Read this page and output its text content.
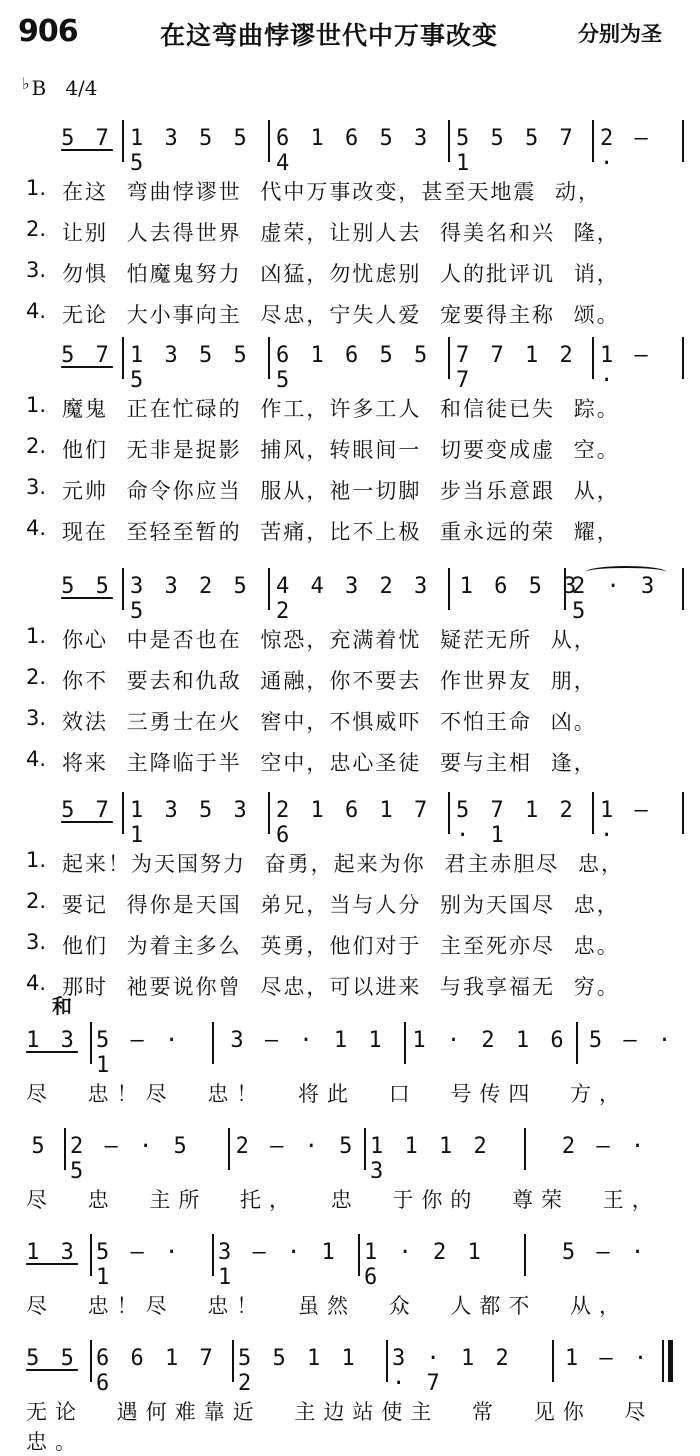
906	在这弯曲悖谬世代中万事改变	分别为圣
♭ B 4/4
5 7 1 3 5 5 5
6 1 6 5 3 4
5 5 5 7 1
2 – ·
1. 在这 弯曲悖谬世 代中万事改变，甚至天地震 动，
2. 让别 人去得世界 虚荣，让别人去 得美名和兴 隆，
3. 勿惧 怕魔鬼努力 凶猛，勿忧虑别 人的批评讥 诮，
4. 无论 大小事向主 尽忠，宁失人爱 宠要得主称 颂。
5 7 1 3 5 5 5
6 1 6 5 5 5
7 7 1 2 7
1 – ·
1. 魔鬼 正在忙碌的 作工，许多工人 和信徒已失 踪。
2. 他们 无非是捉影 捕风，转眼间一 切要变成虚 空。
3. 元帅 命令你应当 服从，祂一切脚 步当乐意跟 从，
4. 现在 至轻至暂的 苦痛，比不上极 重永远的荣 耀，
5 5 3 3 2 5 5
4 4 3 2 3 2
1 6 5 3
2 · 3 5
1. 你心 中是否也在 惊恐，充满着忧 疑茫无所 从，
2. 你不 要去和仇敌 通融，你不要去 作世界友 朋，
3. 效法 三勇士在火 窖中，不惧威吓 不怕王命 凶。
4. 将来 主降临于半 空中，忠心圣徒 要与主相 逢，
5 7 1 3 5 3 1
2 1 6 1 7 6
5 7 1 2 · 1
1 – ·
1. 起来！为天国努力 奋勇，起来为你 君主赤胆尽 忠，
2. 要记 得你是天国 弟兄，当与人分 别为天国尽 忠，
3. 他们 为着主多么 英勇，他们对于 主至死亦尽 忠。
4. 那时 祂要说你曾 尽忠，可以进来 与我享福无 穷。
和
1 3 5 – · 1
3 – · 1 1 1 · 2 1 6 5 – ·
尽 忠！尽 忠！ 将此 口 号传四 方，
5 2 – · 5 5
2 – · 5 1 1 1 2 3
2 – ·
尽 忠 主所 托， 忠 于你的 尊荣 王，
1 3 5 – · 1
3 – · 1 1
1 · 2 1 6
5 – ·
尽 忠！尽 忠！ 虽然 众 人都不 从，
5 5 6 6 1 7 6
5 5 1 1 2
3 · 1 2 · 7
1 – ·
无论 遇何难靠近 主边站使主 常 见你 尽 忠。
